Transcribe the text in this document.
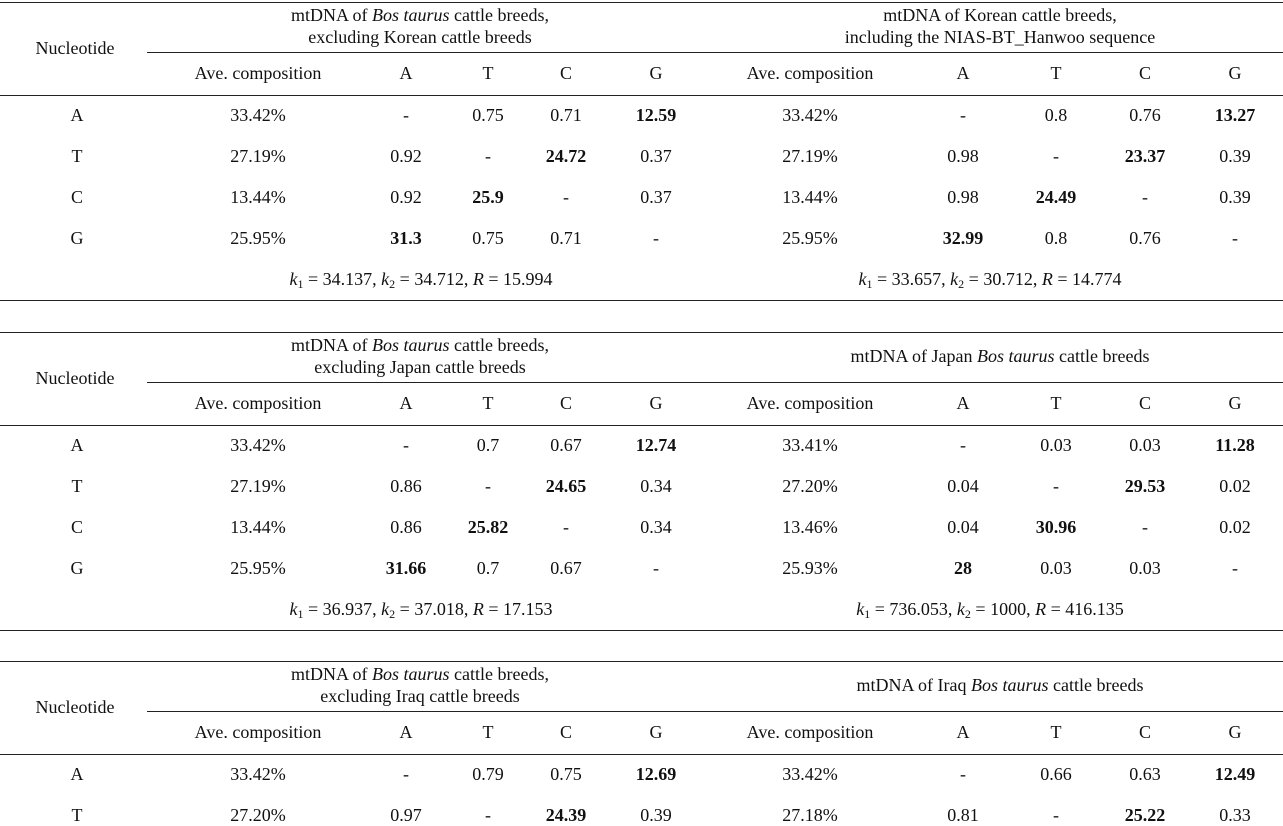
Nucleotide
mtDNA of Bos taurus cattle breeds,
excluding Korean cattle breeds
mtDNA of Korean cattle breeds,
including the NIAS-BT_Hanwoo sequence
Ave. composition	A	T	C	G	Ave. composition	A	T	C	G
A	33.42%	-	0.75	0.71	12.59	33.42%	-	0.8	0.76	13.27
T	27.19%	0.92	-	24.72	0.37	27.19%	0.98	-	23.37	0.39
C	13.44%	0.92	25.9	-	0.37	13.44%	0.98	24.49	-	0.39
G	25.95%	31.3	0.75	0.71	-	25.95%	32.99	0.8	0.76	-
$k_1 = 34.137$, $k_2 = 34.712$, R = 15.994	$k_1 = 33.657$, $k_2 = 30.712$, R = 14.774
Nucleotide
mtDNA of Bos taurus cattle breeds,
excluding Japan cattle breeds
mtDNA of Japan Bos taurus cattle breeds
Ave. composition	A	T	C	G	Ave. composition	A	T	C	G
A	33.42%	-	0.7	0.67	12.74	33.41%	-	0.03	0.03	11.28
T	27.19%	0.86	-	24.65	0.34	27.20%	0.04	-	29.53	0.02
C	13.44%	0.86	25.82	-	0.34	13.46%	0.04	30.96	-	0.02
G	25.95%	31.66	0.7	0.67	-	25.93%	28	0.03	0.03	-
$k_1 = 36.937$, $k_2 = 37.018$, R = 17.153	$k_1 = 736.053$, $k_2 = 1000$, R = 416.135
Nucleotide
mtDNA of Bos taurus cattle breeds,
excluding Iraq cattle breeds
mtDNA of Iraq Bos taurus cattle breeds
Ave. composition	A	T	C	G	Ave. composition	A	T	C	G
A	33.42%	-	0.79	0.75	12.69	33.42%	-	0.66	0.63	12.49
T	27.20%	0.97	-	24.39	0.39	27.18%	0.81	-	25.22	0.33
